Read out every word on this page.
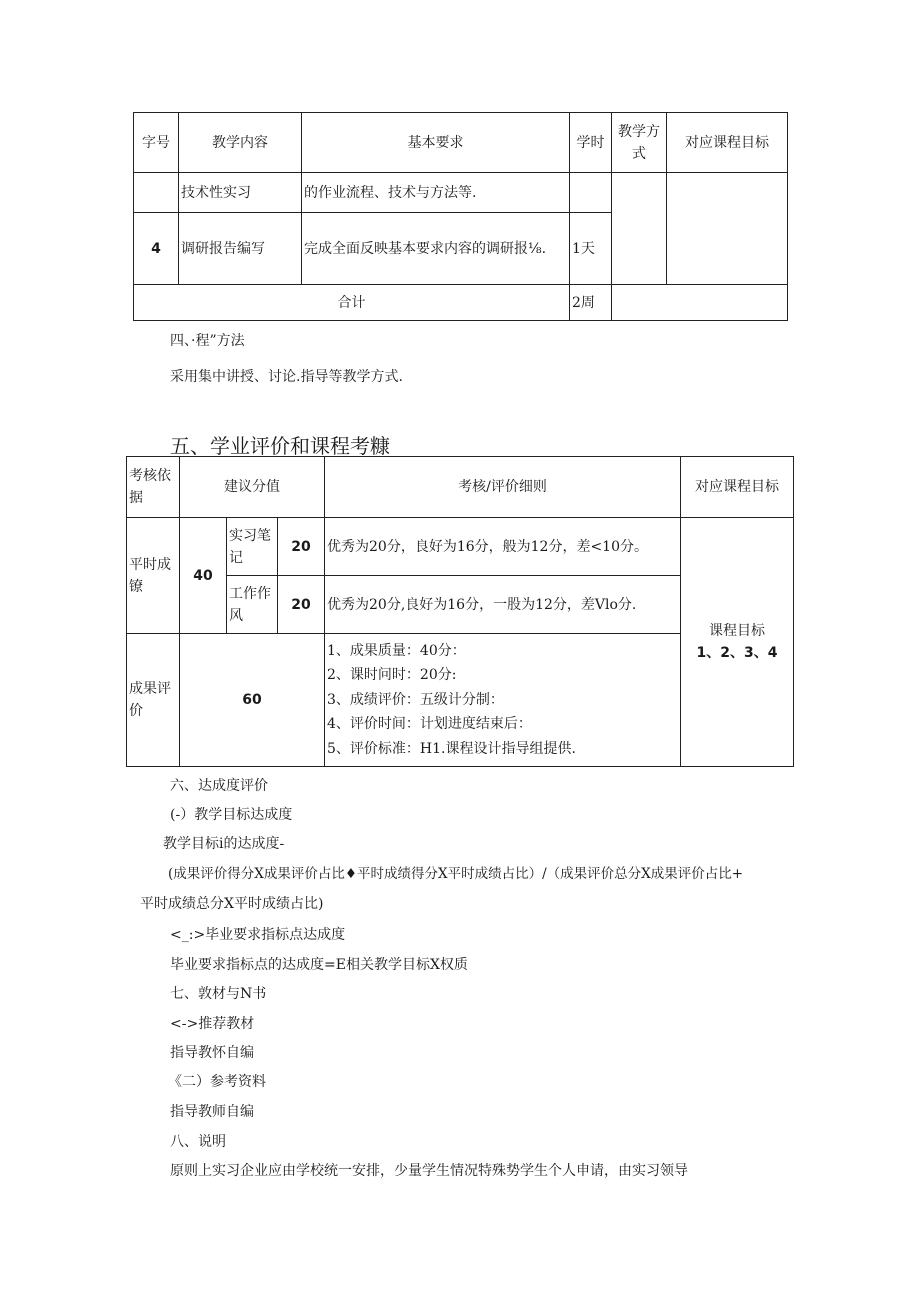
字号	教学内容	基本要求	学时	教学方式	对应课程目标
	技术性实习	的作业流程、技术与方法等.			
4	调研报告编写	完成全面反映基本要求内容的调研报⅛.	1天		
合计			2周		
四、·程”方法
采用集中讲授、讨论.指导等教学方式.
五、学业评价和课程考糠
考核依据	建议分值			考核/评价细则	对应课程目标
平时成镣	40	实习笔记	20	优秀为20分，良好为16分，般为12分，差<10分。	课程目标
1、2、3、4

		工作作风	20	优秀为20分,良好为16分，一股为12分，差Vlo分.	
成果评价	60			1、成果质量：40分：
2、课时问时：20分:
3、成绩评价：五级计分制：
4、评价时间：计划进度结束后：
5、评价标准：H1.课程设计指导组提供.	
六、达成度评价
(-）教学目标达成度
教学目标i的达成度-
(成果评价得分X成果评价占比♦平时成绩得分X平时成绩占比）/（成果评价总分X成果评价占比+
平时成绩总分X平时成绩占比)
<_:>毕业要求指标点达成度
毕业要求指标点的达成度=E相关教学目标X权质
七、敦材与N书
<->推荐教材
指导教怀自编
《二）参考资料
指导教师自编
八、说明
原则上实习企业应由学校统一安排，少量学生情况特殊势学生个人申请，由实习领导
